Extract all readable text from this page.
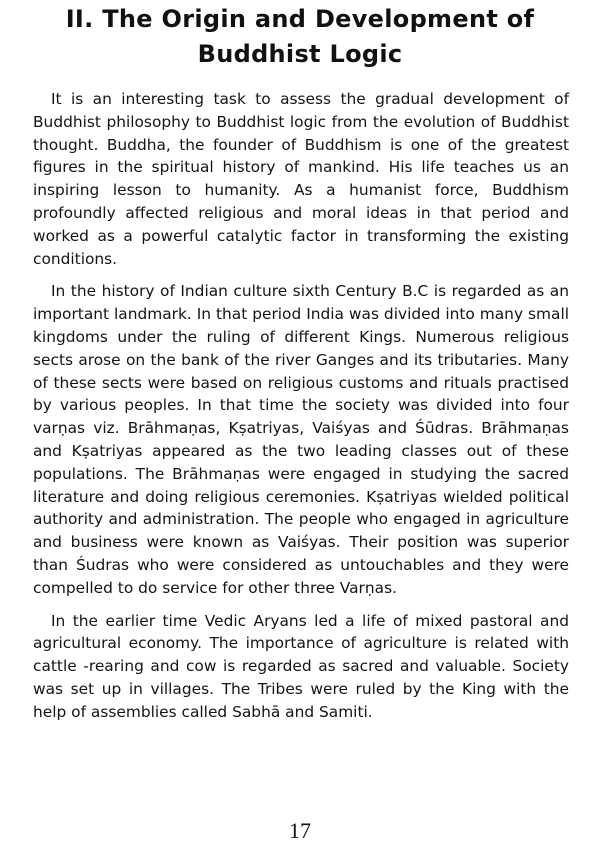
II. The Origin and Development of
Buddhist Logic

It is an interesting task to assess the gradual development of Buddhist philosophy to Buddhist logic from the evolution of Buddhist thought. Buddha, the founder of Buddhism is one of the greatest figures in the spiritual history of mankind. His life teaches us an inspiring lesson to humanity. As a humanist force, Buddhism profoundly affected religious and moral ideas in that period and worked as a powerful catalytic factor in transforming the existing conditions.

In the history of Indian culture sixth Century B.C is regarded as an important landmark. In that period India was divided into many small kingdoms under the ruling of different Kings. Numerous religious sects arose on the bank of the river Ganges and its tributaries. Many of these sects were based on religious customs and rituals practised by various peoples. In that time the society was divided into four varṇas viz. Brāhmaṇas, Kṣatriyas, Vaiśyas and Śūdras. Brāhmaṇas and Kṣatriyas appeared as the two leading classes out of these populations. The Brāhmaṇas were engaged in studying the sacred literature and doing religious ceremonies. Kṣatriyas wielded political authority and administration. The people who engaged in agriculture and business were known as Vaiśyas. Their position was superior than Śudras who were considered as untouchables and they were compelled to do service for other three Varṇas.

In the earlier time Vedic Aryans led a life of mixed pastoral and agricultural economy. The importance of agriculture is related with cattle -rearing and cow is regarded as sacred and valuable. Society was set up in villages. The Tribes were ruled by the King with the help of assemblies called Sabhā and Samiti.

17
